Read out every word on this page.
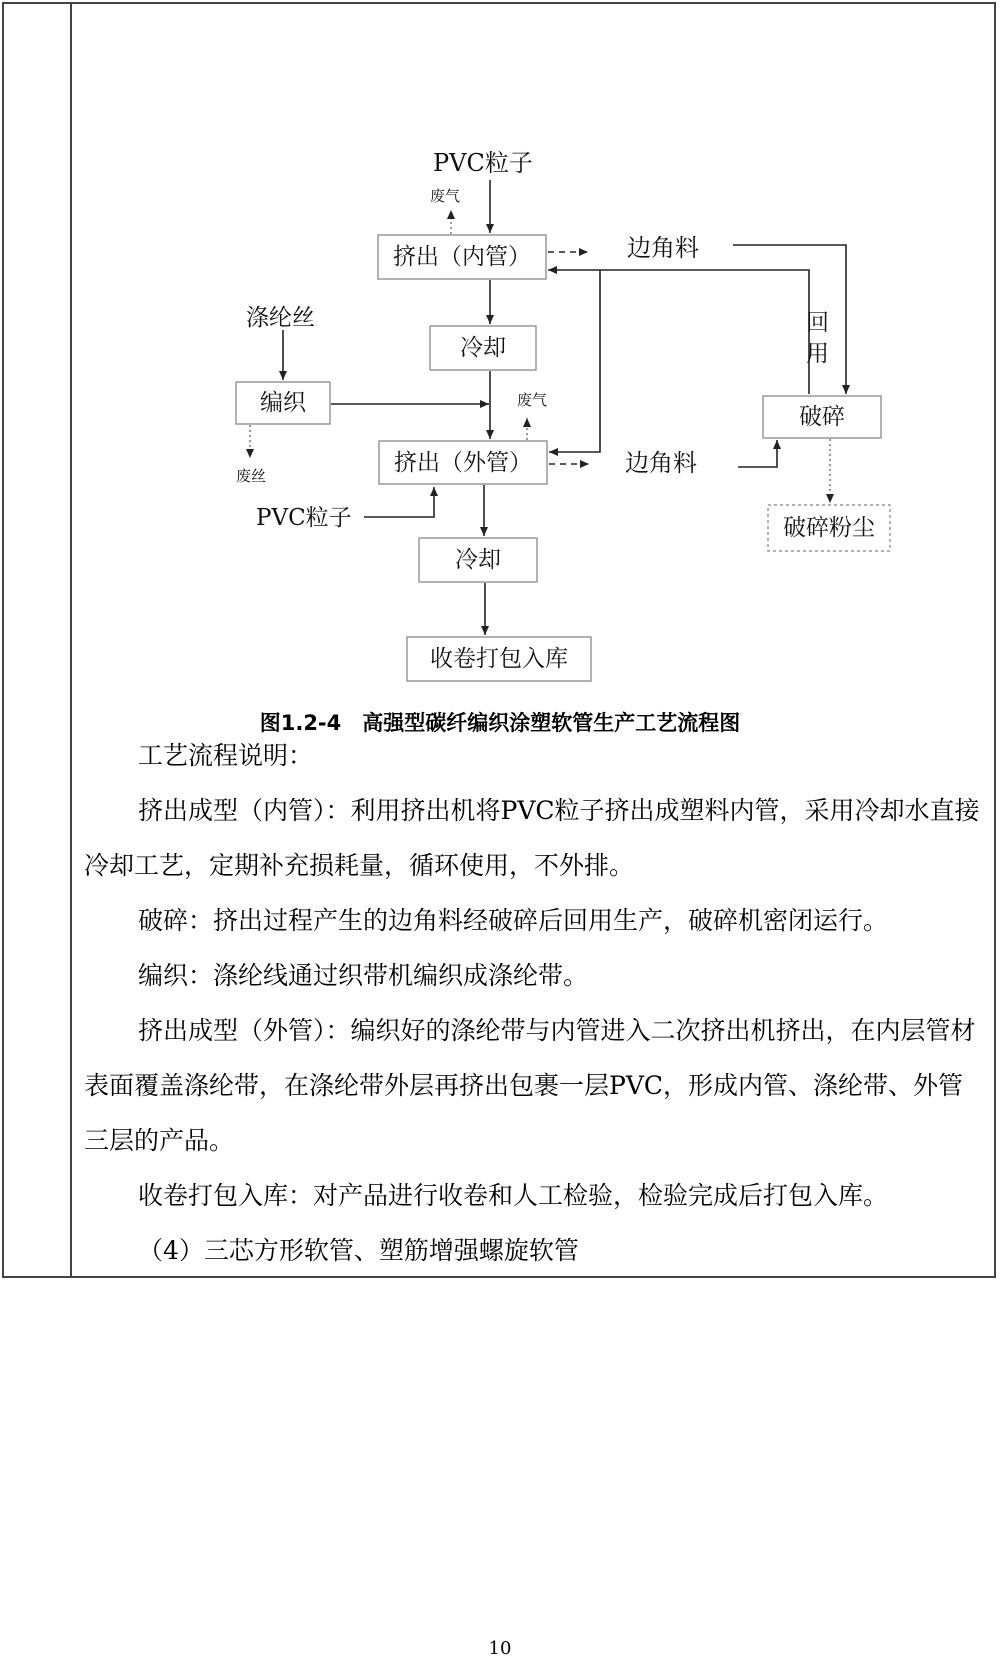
PVC粒子
废气
挤出（内管）	边角料
涤纶丝
冷却
回
用
编织	废气
破碎
挤出（外管）	边角料
废丝
PVC粒子	破碎粉尘
冷却
收卷打包入库
图1.2-4　高强型碳纤编织涂塑软管生产工艺流程图

工艺流程说明：

挤出成型（内管）：利用挤出机将PVC粒子挤出成塑料内管，采用冷却水直接冷却工艺，定期补充损耗量，循环使用，不外排。

破碎：挤出过程产生的边角料经破碎后回用生产，破碎机密闭运行。

编织：涤纶线通过织带机编织成涤纶带。

挤出成型（外管）：编织好的涤纶带与内管进入二次挤出机挤出，在内层管材表面覆盖涤纶带，在涤纶带外层再挤出包裹一层PVC，形成内管、涤纶带、外管三层的产品。

收卷打包入库：对产品进行收卷和人工检验，检验完成后打包入库。

（4）三芯方形软管、塑筋增强螺旋软管

10
